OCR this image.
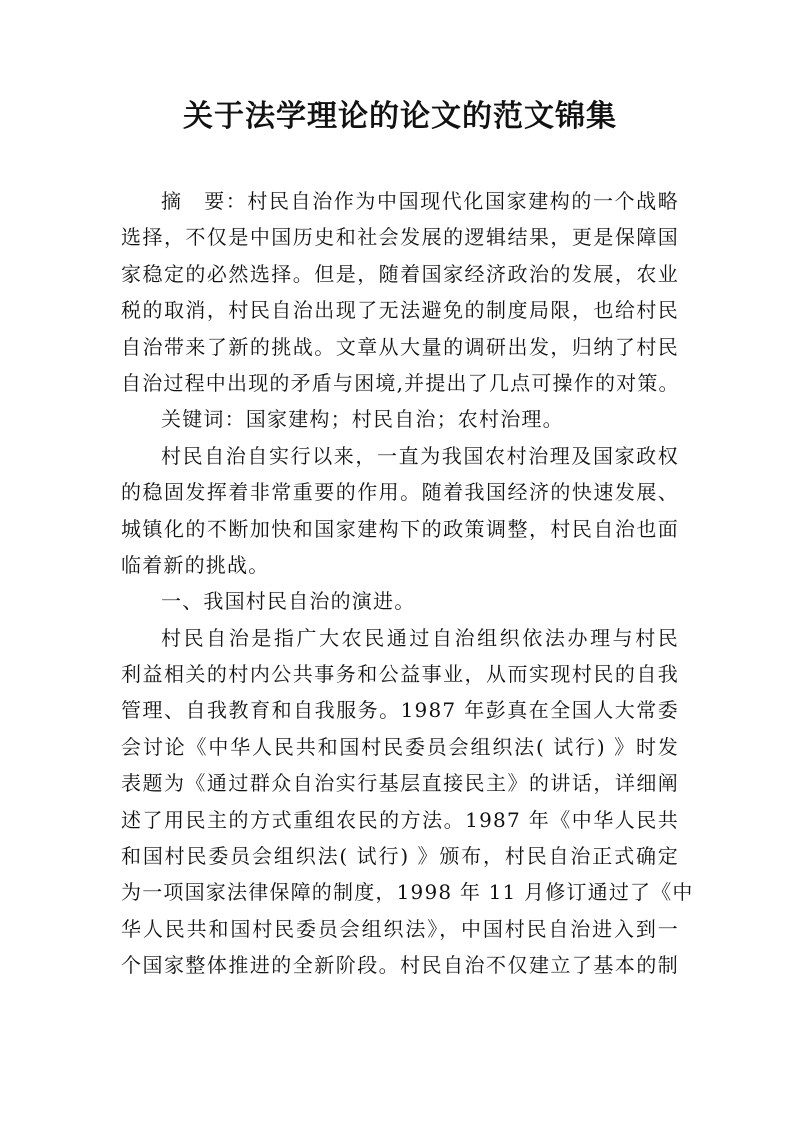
关于法学理论的论文的范文锦集
摘　要：村民自治作为中国现代化国家建构的一个战略
选择，不仅是中国历史和社会发展的逻辑结果，更是保障国
家稳定的必然选择。但是，随着国家经济政治的发展，农业
税的取消，村民自治出现了无法避免的制度局限，也给村民
自治带来了新的挑战。文章从大量的调研出发，归纳了村民
自治过程中出现的矛盾与困境,并提出了几点可操作的对策。
关键词：国家建构；村民自治；农村治理。
村民自治自实行以来，一直为我国农村治理及国家政权
的稳固发挥着非常重要的作用。随着我国经济的快速发展、
城镇化的不断加快和国家建构下的政策调整，村民自治也面
临着新的挑战。
一、我国村民自治的演进。
村民自治是指广大农民通过自治组织依法办理与村民
利益相关的村内公共事务和公益事业，从而实现村民的自我
管理、自我教育和自我服务。1987 年彭真在全国人大常委
会讨论《中华人民共和国村民委员会组织法( 试行) 》时发
表题为《通过群众自治实行基层直接民主》的讲话，详细阐
述了用民主的方式重组农民的方法。1987 年《中华人民共
和国村民委员会组织法( 试行) 》颁布，村民自治正式确定
为一项国家法律保障的制度，1998 年 11 月修订通过了《中
华人民共和国村民委员会组织法》，中国村民自治进入到一
个国家整体推进的全新阶段。村民自治不仅建立了基本的制
